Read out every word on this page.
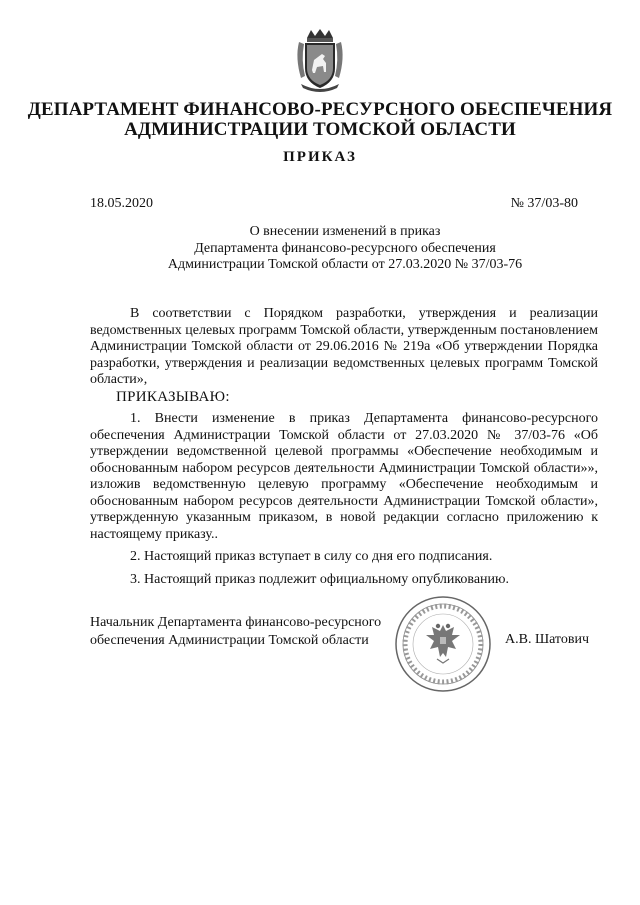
ДЕПАРТАМЕНТ ФИНАНСОВО-РЕСУРСНОГО ОБЕСПЕЧЕНИЯ
АДМИНИСТРАЦИИ ТОМСКОЙ ОБЛАСТИ
ПРИКАЗ
18.05.2020	№ 37/03-80
О внесении изменений в приказ
Департамента финансово-ресурсного обеспечения
Администрации Томской области от 27.03.2020 № 37/03-76

В соответствии с Порядком разработки, утверждения и реализации ведомственных целевых программ Томской области, утвержденным постановлением Администрации Томской области от 29.06.2016 № 219а «Об утверждении Порядка разработки, утверждения и реализации ведомственных целевых программ Томской области»,

ПРИКАЗЫВАЮ:

1. Внести изменение в приказ Департамента финансово-ресурсного обеспечения Администрации Томской области от 27.03.2020 № 37/03-76 «Об утверждении ведомственной целевой программы «Обеспечение необходимым и обоснованным набором ресурсов деятельности Администрации Томской области»», изложив ведомственную целевую программу «Обеспечение необходимым и обоснованным набором ресурсов деятельности Администрации Томской области», утвержденную указанным приказом, в новой редакции согласно приложению к настоящему приказу..

2. Настоящий приказ вступает в силу со дня его подписания.

3. Настоящий приказ подлежит официальному опубликованию.

Начальник Департамента финансово-ресурсного
обеспечения Администрации Томской области	А.В. Шатович
